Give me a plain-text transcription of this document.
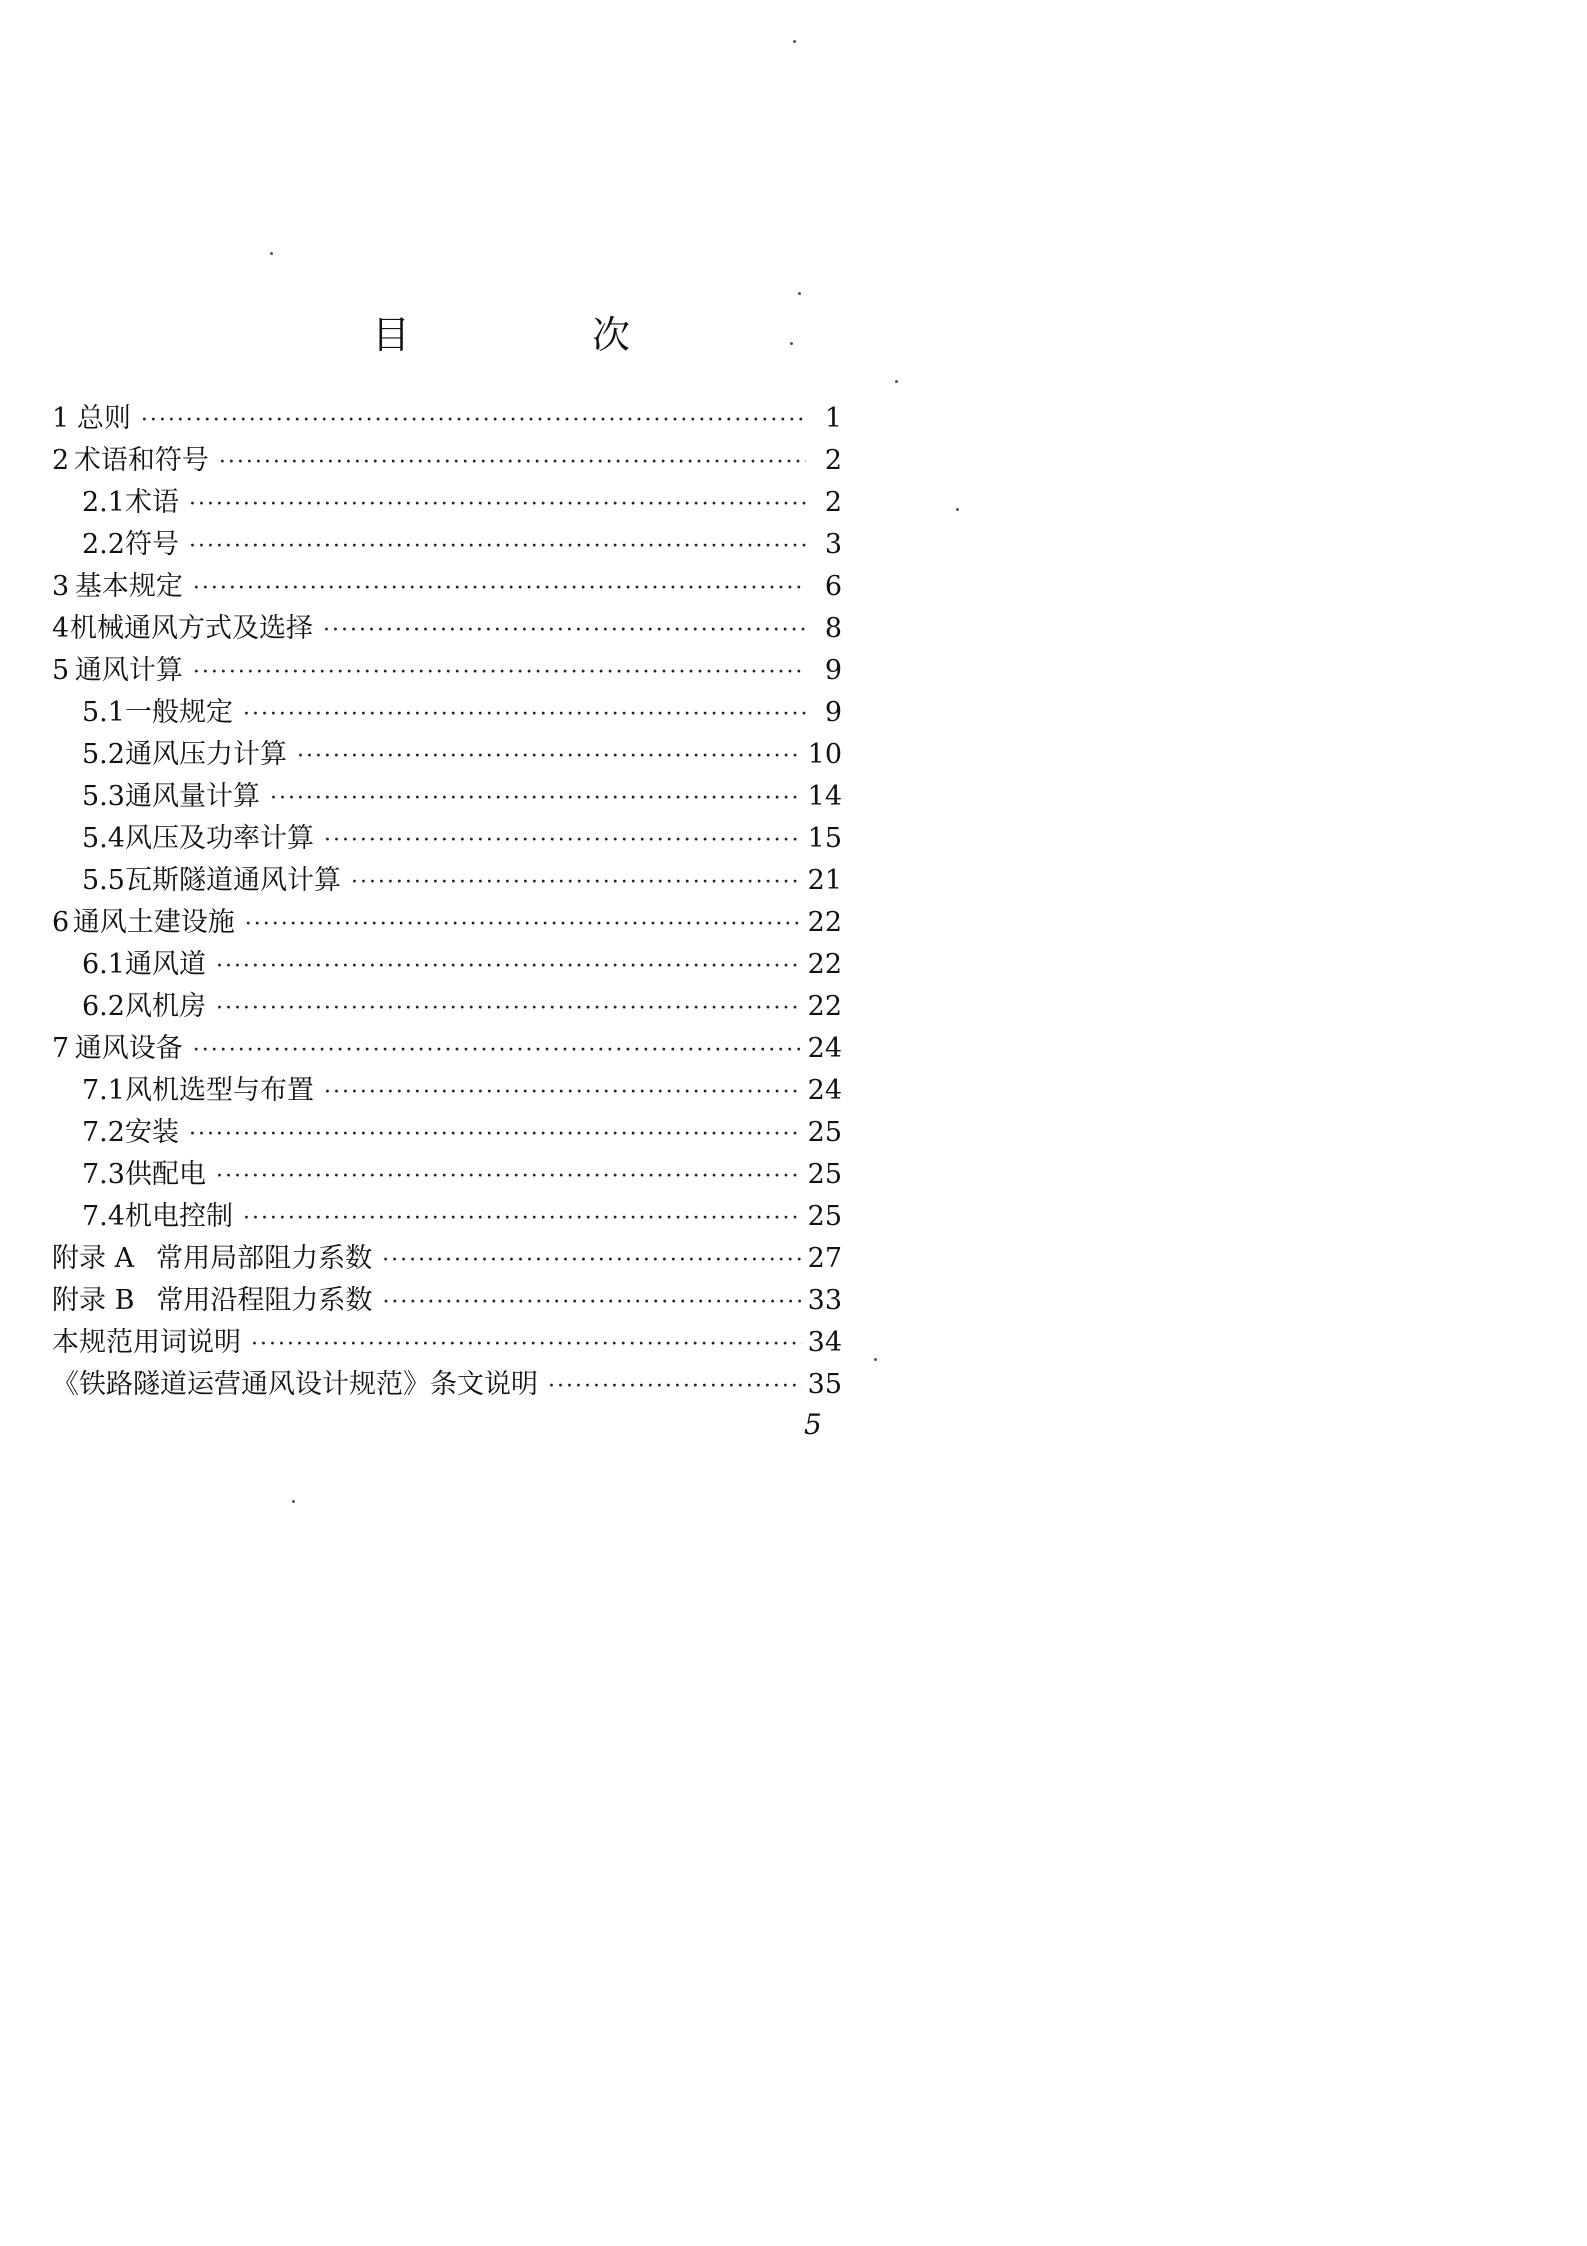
目　次
1 总则 ·····	1
2 术语和符号 ·····	2
2.1 术语 ·····	2
2.2 符号 ·····	3
3 基本规定 ·····	6
4 机械通风方式及选择 ·····	8
5 通风计算 ·····	9
5.1 一般规定 ·····	9
5.2 通风压力计算 ·····	10
5.3 通风量计算 ·····	14
5.4 风压及功率计算 ·····	15
5.5 瓦斯隧道通风计算 ·····	21
6 通风土建设施 ·····	22
6.1 通风道 ·····	22
6.2 风机房 ·····	22
7 通风设备 ·····	24
7.1 风机选型与布置 ·····	24
7.2 安装 ·····	25
7.3 供配电 ·····	25
7.4 机电控制 ·····	25
附录 A 常用局部阻力系数 ·····	27
附录 B 常用沿程阻力系数 ·····	33
本规范用词说明 ·····	34
《铁路隧道运营通风设计规范》条文说明 ·····	35
5
